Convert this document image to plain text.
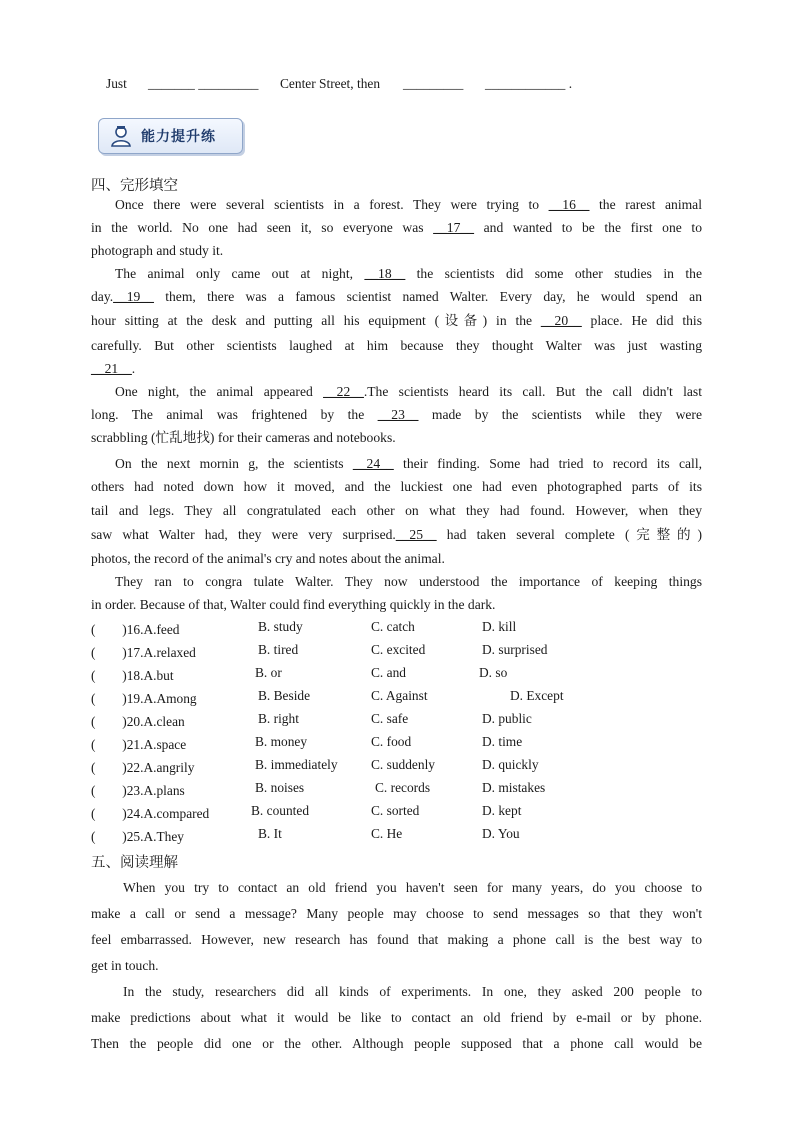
Just _______ _________ Center Street, then _________ ____________ .
能力提升练
四、完形填空
Once there were several scientists in a forest. They were trying to __16__ the rarest animal
in the world. No one had seen it, so everyone was __17__ and wanted to be the first one to
photograph and study it.
The animal only came out at night, __18__ the scientists did some other studies in the
day.__19__ them, there was a famous scientist named Walter. Every day, he would spend an
hour sitting at the desk and putting all his equipment (设备) in the __20__ place. He did this
carefully. But other scientists laughed at him because they thought Walter was just wasting
__21__.
One night, the animal appeared __22__.The scientists heard its call. But the call didn't last
long. The animal was frightened by the __23__ made by the scientists while they were
scrabbling (忙乱地找) for their cameras and notebooks.
On the next mornin g, the scientists __24__ their finding. Some had tried to record its call,
others had noted down how it moved, and the luckiest one had even photographed parts of its
tail and legs. They all congratulated each other on what they had found. However, when they
saw what Walter had, they were very surprised.__25__ had taken several complete (完整的)
photos, the record of the animal's cry and notes about the animal.
They ran to congra tulate Walter. They now understood the importance of keeping things
in order. Because of that, Walter could find everything quickly in the dark.
(　　)16.A.feed	B. study	C. catch	D. kill
(　　)17.A.relaxed	B. tired	C. excited	D. surprised
(　　)18.A.but	B. or	C. and	D. so
(　　)19.A.Among	B. Beside	C. Against	D. Except
(　　)20.A.clean	B. right	C. safe	D. public
(　　)21.A.space	B. money	C. food	D. time
(　　)22.A.angrily	B. immediately C. suddenly	D. quickly
(　　)23.A.plans	B. noises	C. records	D. mistakes
(　　)24.A.compared	B. counted	C. sorted	D. kept
(　　)25.A.They	B. It	C. He	D. You
五、阅读理解
When you try to contact an old friend you haven't seen for many years, do you choose to
make a call or send a message? Many people may choose to send messages so that they won't
feel embarrassed. However, new research has found that making a phone call is the best way to
get in touch.
In the study, researchers did all kinds of experiments. In one, they asked 200 people to
make predictions about what it would be like to contact an old friend by e-mail or by phone.
Then the people did one or the other. Although people supposed that a phone call would be
